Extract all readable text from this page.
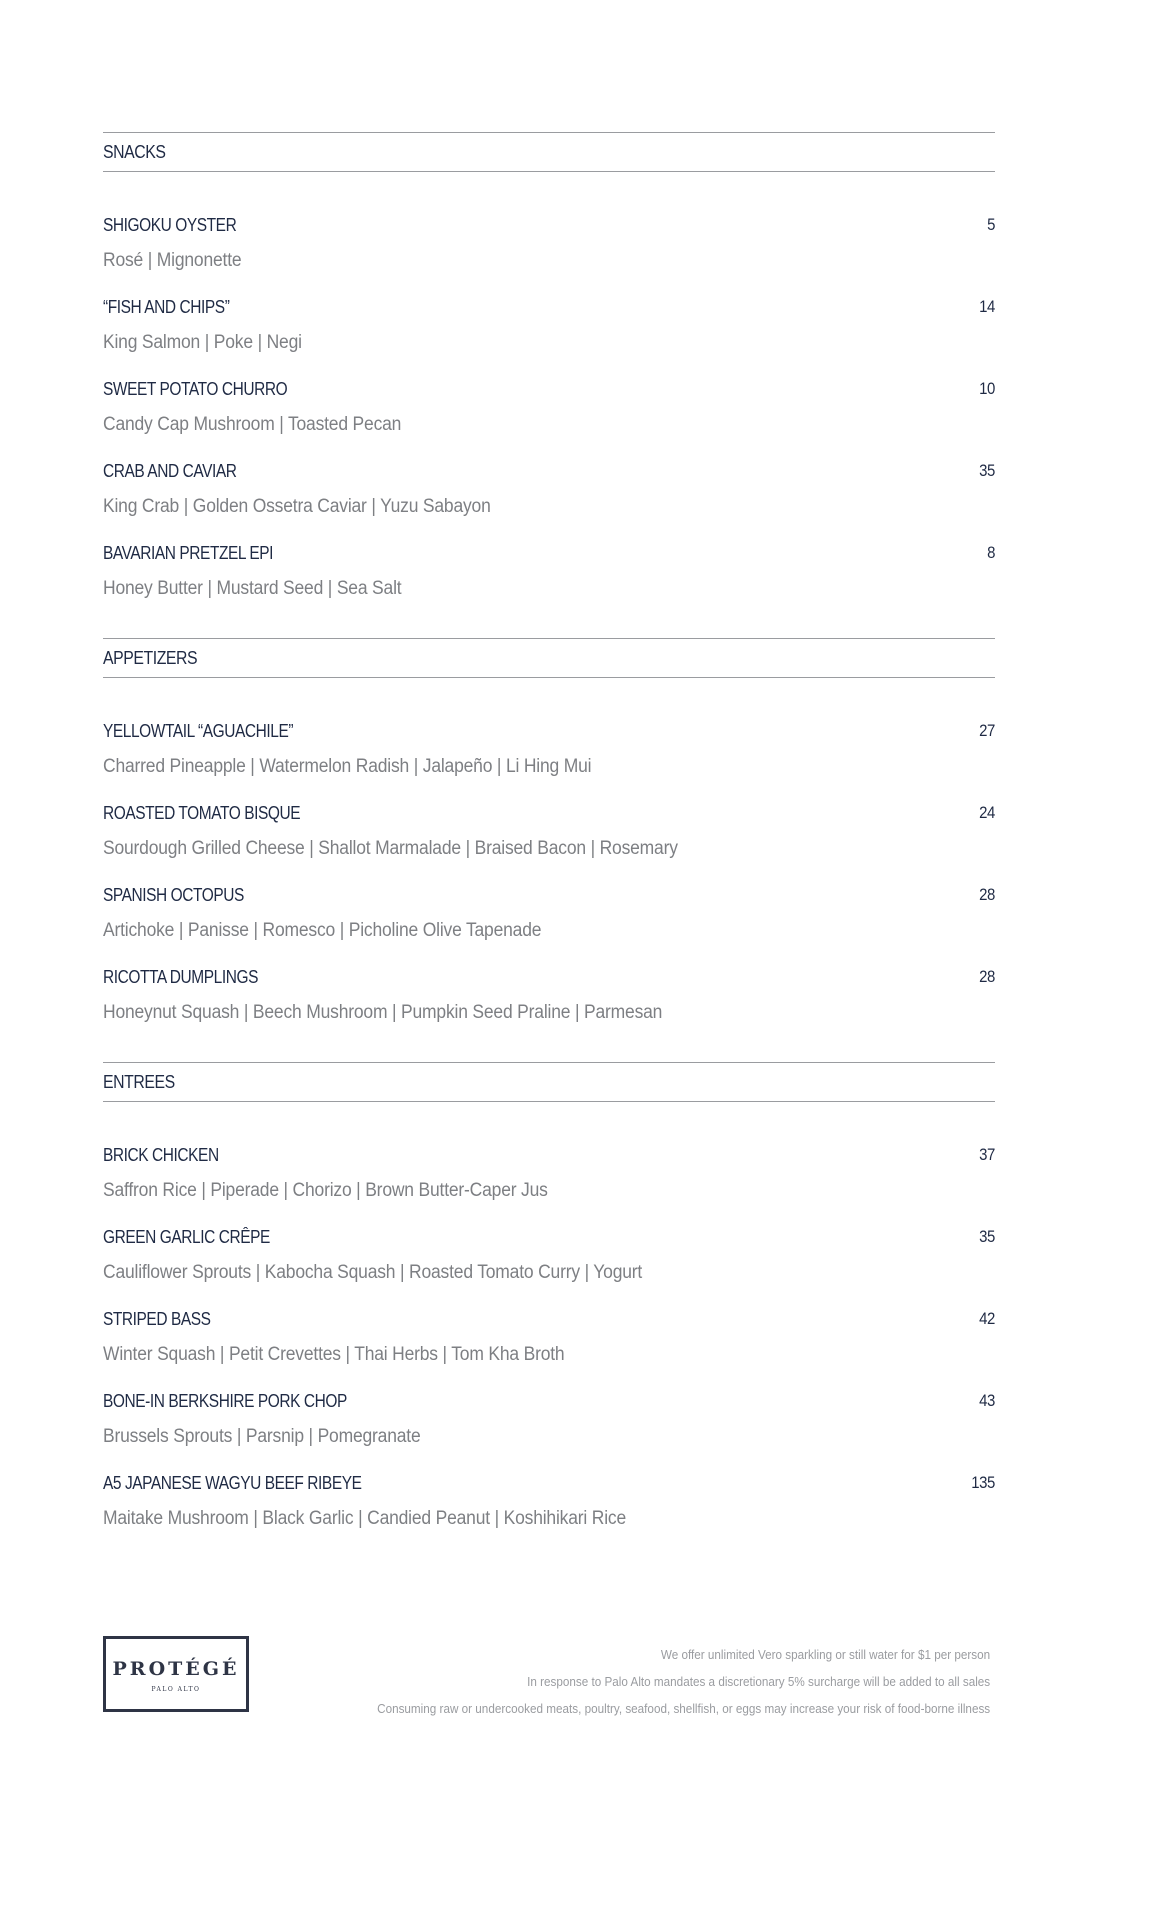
SNACKS
SHIGOKU OYSTER	5
Rosé | Mignonette
“FISH AND CHIPS”	14
King Salmon | Poke | Negi
SWEET POTATO CHURRO	10
Candy Cap Mushroom | Toasted Pecan
CRAB AND CAVIAR	35
King Crab | Golden Ossetra Caviar | Yuzu Sabayon
BAVARIAN PRETZEL EPI	8
Honey Butter | Mustard Seed | Sea Salt
APPETIZERS
YELLOWTAIL “AGUACHILE”	27
Charred Pineapple | Watermelon Radish | Jalapeño | Li Hing Mui
ROASTED TOMATO BISQUE	24
Sourdough Grilled Cheese | Shallot Marmalade | Braised Bacon | Rosemary
SPANISH OCTOPUS	28
Artichoke | Panisse | Romesco | Picholine Olive Tapenade
RICOTTA DUMPLINGS	28
Honeynut Squash | Beech Mushroom | Pumpkin Seed Praline | Parmesan
ENTREES
BRICK CHICKEN	37
Saffron Rice | Piperade | Chorizo | Brown Butter-Caper Jus
GREEN GARLIC CRÊPE	35
Cauliflower Sprouts | Kabocha Squash | Roasted Tomato Curry | Yogurt
STRIPED BASS	42
Winter Squash | Petit Crevettes | Thai Herbs | Tom Kha Broth
BONE-IN BERKSHIRE PORK CHOP	43
Brussels Sprouts | Parsnip | Pomegranate
A5 JAPANESE WAGYU BEEF RIBEYE	135
Maitake Mushroom | Black Garlic | Candied Peanut | Koshihikari Rice
PROTÉGÉ
PALO ALTO
We offer unlimited Vero sparkling or still water for $1 per person
In response to Palo Alto mandates a discretionary 5% surcharge will be added to all sales
Consuming raw or undercooked meats, poultry, seafood, shellfish, or eggs may increase your risk of food-borne illness
